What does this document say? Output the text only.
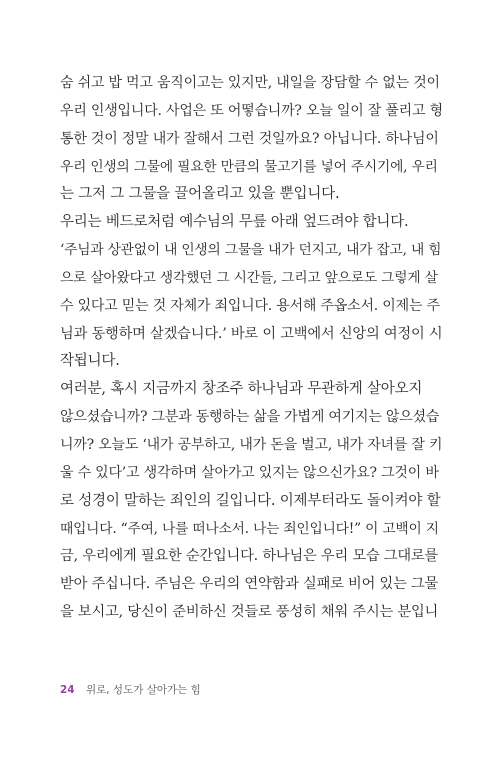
숨 쉬고 밥 먹고 움직이고는 있지만, 내일을 장담할 수 없는 것이
우리 인생입니다. 사업은 또 어떻습니까? 오늘 일이 잘 풀리고 형
통한 것이 정말 내가 잘해서 그런 것일까요? 아닙니다. 하나님이
우리 인생의 그물에 필요한 만큼의 물고기를 넣어 주시기에, 우리
는 그저 그 그물을 끌어올리고 있을 뿐입니다.
우리는 베드로처럼 예수님의 무릎 아래 엎드려야 합니다.
‘주님과 상관없이 내 인생의 그물을 내가 던지고, 내가 잡고, 내 힘
으로 살아왔다고 생각했던 그 시간들, 그리고 앞으로도 그렇게 살
수 있다고 믿는 것 자체가 죄입니다. 용서해 주옵소서. 이제는 주
님과 동행하며 살겠습니다.’ 바로 이 고백에서 신앙의 여정이 시
작됩니다.
여러분, 혹시 지금까지 창조주 하나님과 무관하게 살아오지
않으셨습니까? 그분과 동행하는 삶을 가볍게 여기지는 않으셨습
니까? 오늘도 ‘내가 공부하고, 내가 돈을 벌고, 내가 자녀를 잘 키
울 수 있다’고 생각하며 살아가고 있지는 않으신가요? 그것이 바
로 성경이 말하는 죄인의 길입니다. 이제부터라도 돌이켜야 할
때입니다. “주여, 나를 떠나소서. 나는 죄인입니다!” 이 고백이 지
금, 우리에게 필요한 순간입니다. 하나님은 우리 모습 그대로를
받아 주십니다. 주님은 우리의 연약함과 실패로 비어 있는 그물
을 보시고, 당신이 준비하신 것들로 풍성히 채워 주시는 분입니
24 위로, 성도가 살아가는 힘
